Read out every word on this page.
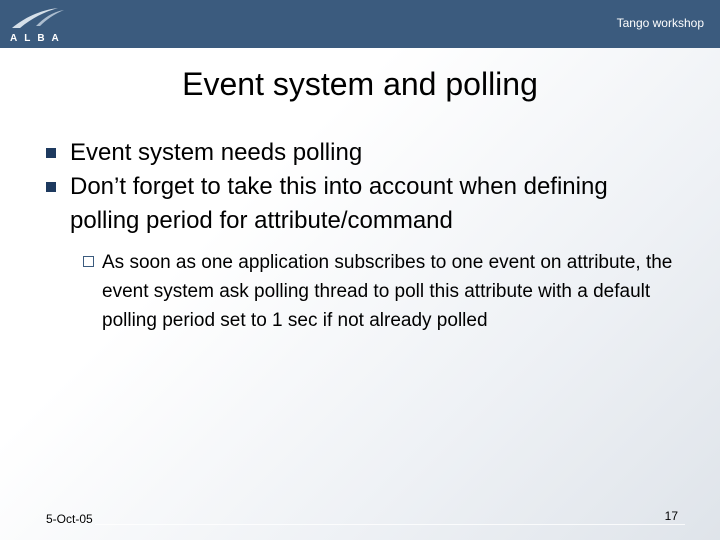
ALBA
Tango workshop
Event system and polling
Event system needs polling
Don’t forget to take this into account when defining polling period for attribute/command
As soon as one application subscribes to one event on attribute, the event system ask polling thread to poll this attribute with a default polling period set to 1 sec if not already polled
5-Oct-05	17
